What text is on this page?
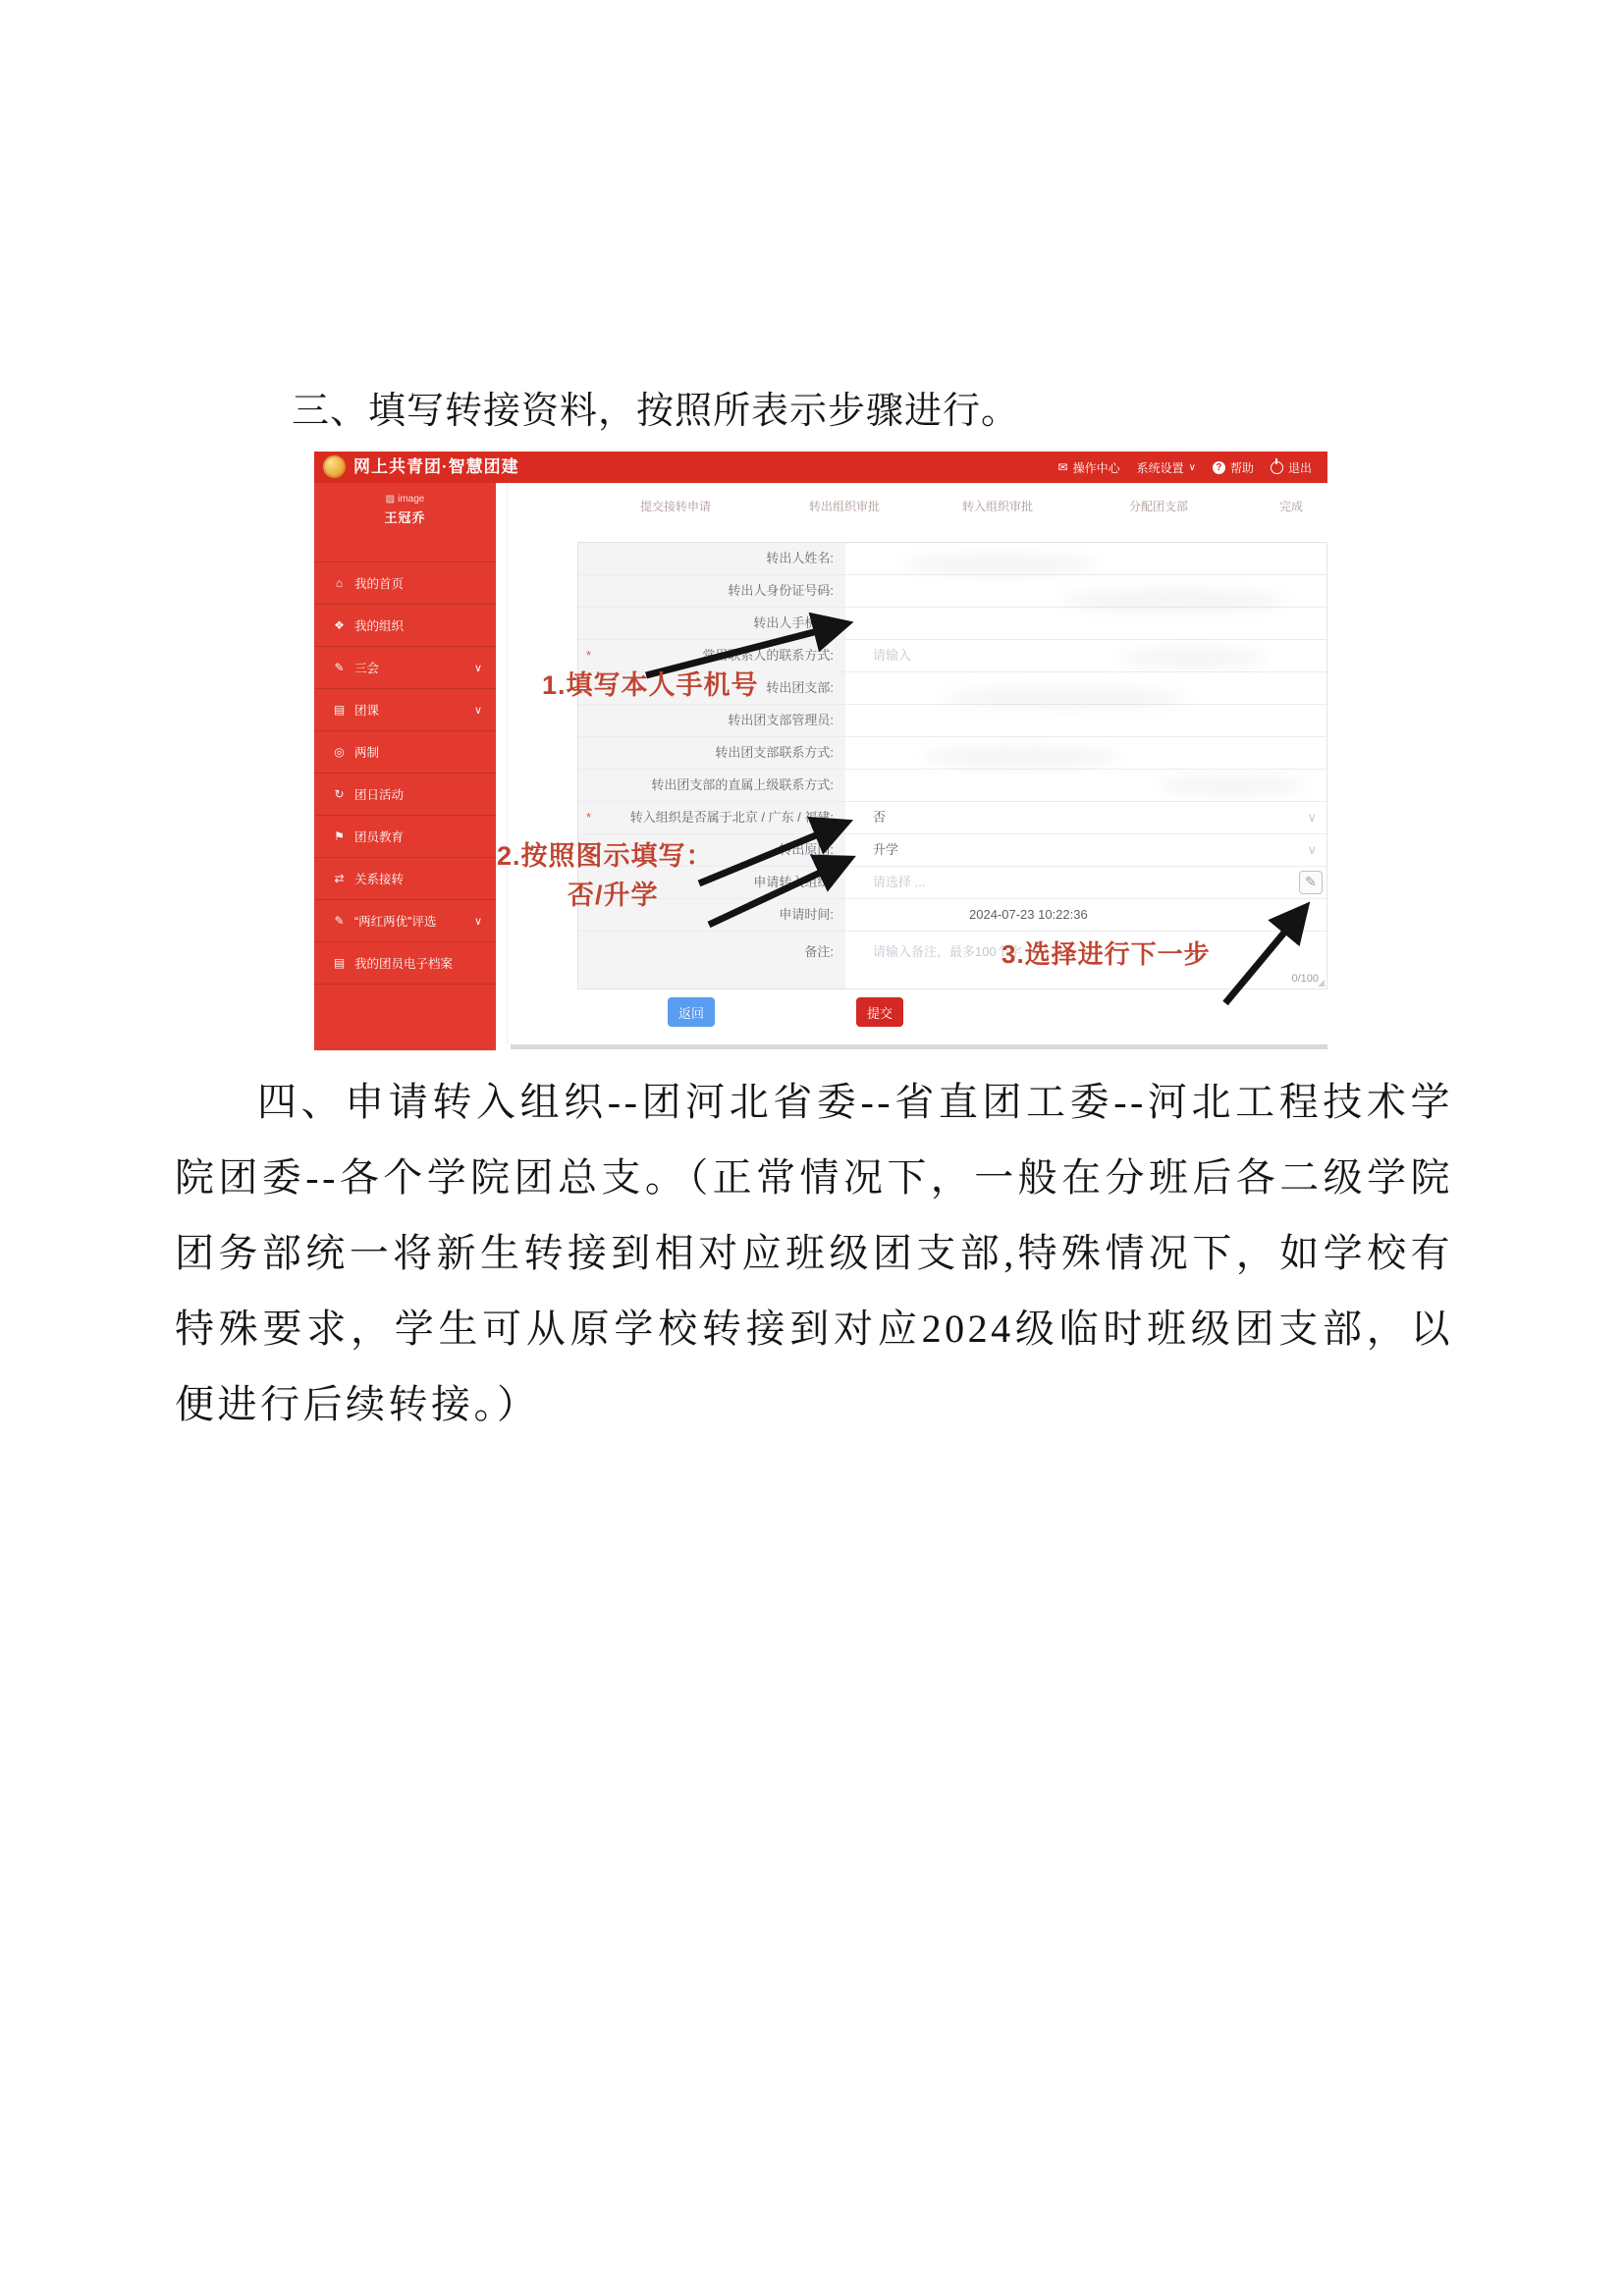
三、填写转接资料，按照所表示步骤进行。
网上共青团·智慧团建	✉ 操作中心 系统设置 ∨	? 帮助	退出
提交接转申请	转出组织审批	转入组织审批	分配团支部	完成
▨ image
王冠乔
⌂ 我的首页
❖ 我的组织
✎ 三会	∨
▤ 团课	∨
◎ 两制
↻ 团日活动
⚑ 团员教育
⇄ 关系接转
✎ “两红两优”评选	∨
▤ 我的团员电子档案
转出人姓名:
转出人身份证号码:
转出人手机号:
*	常用联系人的联系方式:	请输入
转出团支部:
转出团支部管理员:
转出团支部联系方式:
转出团支部的直属上级联系方式:
*	转入组织是否属于北京 / 广东 / 福建:	否	∨
转出原因:	升学	∨
申请转入组织:	请选择 ...	✎
申请时间:	2024-07-23 10:22:36
备注:	请输入备注，最多100个字
0/100
返回	提交
1.填写本人手机号
2.按照图示填写：
否/升学
3.选择进行下一步

四、申请转入组织--团河北省委--省直团工委--河北工程技术学院团委--各个学院团总支。（正常情况下，一般在分班后各二级学院团务部统一将新生转接到相对应班级团支部,特殊情况下，如学校有特殊要求，学生可从原学校转接到对应2024级临时班级团支部，以便进行后续转接。）
